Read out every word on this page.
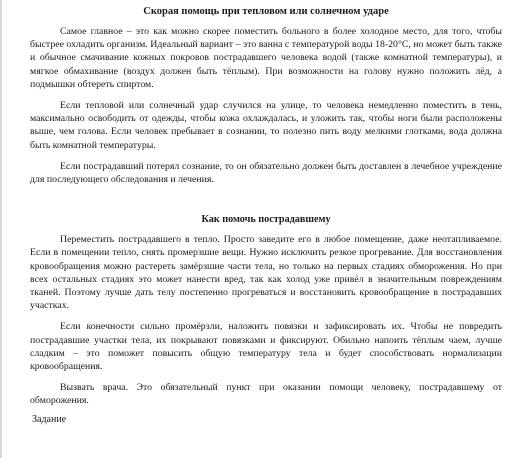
Скорая помощь при тепловом или солнечном ударе

Самое главное – это как можно скорее поместить больного в более холодное место, для того, чтобы быстрее охладить организм. Идеальный вариант – это ванна с температурой воды 18-20°С, но может быть также и обычное смачивание кожных покровов пострадавшего человека водой (также комнатной температуры), и мягкое обмахивание (воздух должен быть тёплым). При возможности на голову нужно положить лёд, а подмышки обтереть спиртом.

Если тепловой или солнечный удар случился на улице, то человека немедленно поместить в тень, максимально освободить от одежды, чтобы кожа охлаждалась, и уложить так, чтобы ноги были расположены выше, чем голова. Если человек пребывает в сознании, то полезно пить воду мелкими глотками, вода должна быть комнатной температуры.

Если пострадавший потерял сознание, то он обязательно должен быть доставлен в лечебное учреждение для последующего обследования и лечения.

Как помочь пострадавшему

Переместить пострадавшего в тепло. Просто заведите его в любое помещение, даже неотапливаемое. Если в помещении тепло, снять промерзшие вещи. Нужно исключить резкое прогревание. Для восстановления кровообращения можно растереть замёрзшие части тела, но только на первых стадиях обморожения. Но при всех остальных стадиях это может нанести вред, так как холод уже привёл в значительным повреждениям тканей. Поэтому лучше дать телу постепенно прогреваться и восстановить кровообращение в пострадавших участках.

Если конечности сильно промёрзли, наложить повязки и зафиксировать их. Чтобы не повредить пострадавшие участки тела, их покрывают повязками и фиксируют. Обильно напоить тёплым чаем, лучше сладким – это поможет повысить общую температуру тела и будет способствовать нормализации кровообращения.

Вызвать врача. Это обязательный пункт при оказании помощи человеку, пострадавшему от обморожения.

Задание
